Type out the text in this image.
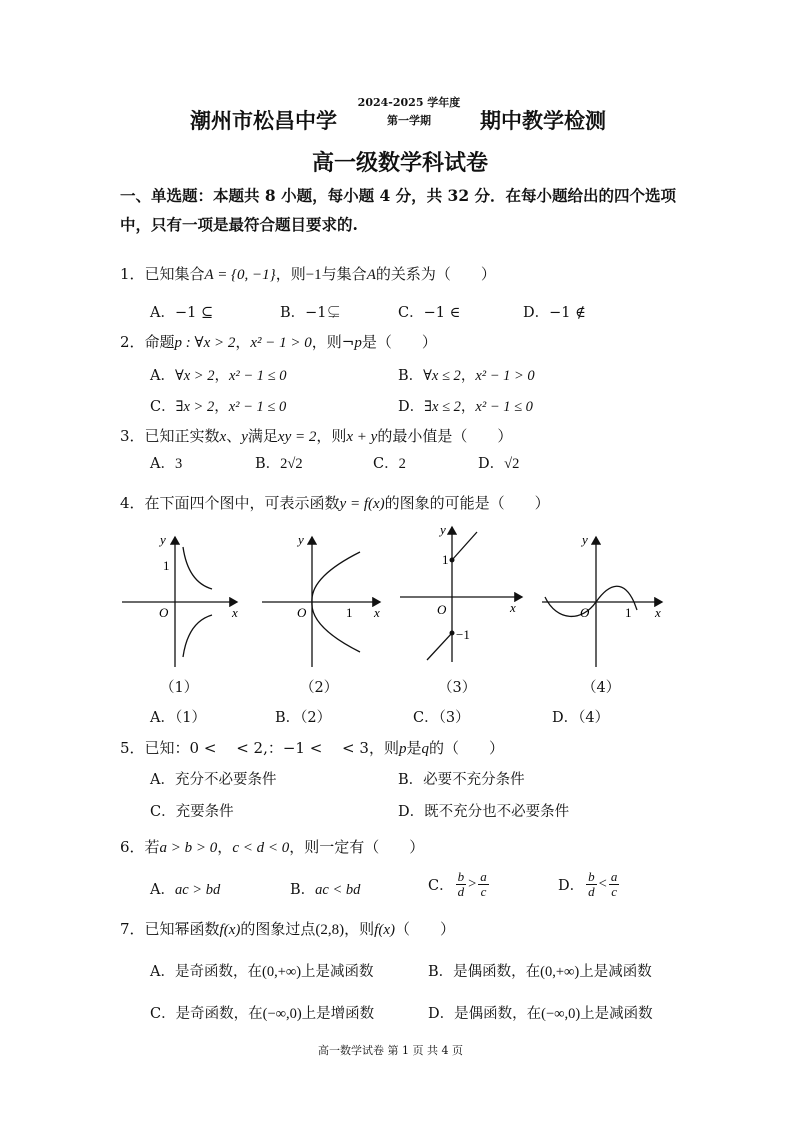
潮州市松昌中学
2024-2025 学年度
第一学期	期中教学检测
高一级数学科试卷
一、单选题：本题共 8 小题，每小题 4 分，共 32 分．在每小题给出的四个选项
中，只有一项是最符合题目要求的.
1．已知集合A = {0, −1}，则−1与集合A的关系为（　　）
A．−1 ⊆	B．−1⊊	C．−1 ∈	D．−1 ∉
2．命题p : ∀x > 2，x² − 1 > 0，则¬p是（　　）
A．∀x > 2，x² − 1 ≤ 0	B．∀x ≤ 2，x² − 1 > 0
C．∃x > 2，x² − 1 ≤ 0	D．∃x ≤ 2，x² − 1 ≤ 0
3．已知正实数x、y满足xy = 2，则x + y的最小值是（　　）
A．3	B．2√2	C．2	D．√2
4．在下面四个图中，可表示函数y = f(x)的图象的可能是（　　）
y
x
O
1
y
x
O	1
y
x
O
1
−1
y
x
O	1
（1）	（2）	（3）	（4）
A．（1）	B．（2）	C．（3）	D．（4）
5．已知：0 <　 < 2,：−1 <　 < 3，则p是q的（　　）
A．充分不必要条件	B．必要不充分条件
C．充要条件	D．既不充分也不必要条件
6．若a > b > 0，c < d < 0，则一定有（　　）
A．ac > bd	B．ac < bd	C． $\frac{b}{d} > \frac{a}{c}$	D． $\frac{b}{d} < \frac{a}{c}$
7．已知幂函数f(x)的图象过点(2,8)，则f(x)（　　）
A．是奇函数，在(0,+∞)上是减函数	B．是偶函数，在(0,+∞)上是减函数
C．是奇函数，在(−∞,0)上是增函数	D．是偶函数，在(−∞,0)上是减函数
高一数学试卷 第 1 页 共 4 页
